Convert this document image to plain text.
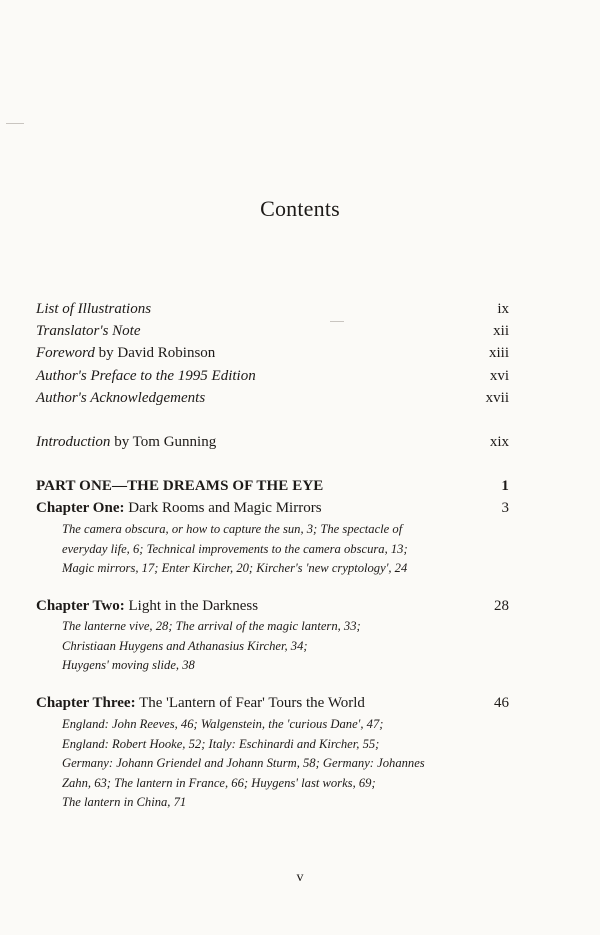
Contents
List of Illustrations	ix
Translator's Note	xii
Foreword by David Robinson	xiii
Author's Preface to the 1995 Edition	xvi
Author's Acknowledgements	xvii
Introduction by Tom Gunning	xix
PART ONE—THE DREAMS OF THE EYE	1
Chapter One: Dark Rooms and Magic Mirrors	3
The camera obscura, or how to capture the sun, 3; The spectacle of
everyday life, 6; Technical improvements to the camera obscura, 13;
Magic mirrors, 17; Enter Kircher, 20; Kircher's 'new cryptology', 24
Chapter Two: Light in the Darkness	28
The lanterne vive, 28; The arrival of the magic lantern, 33;
Christiaan Huygens and Athanasius Kircher, 34;
Huygens' moving slide, 38
Chapter Three: The 'Lantern of Fear' Tours the World	46
England: John Reeves, 46; Walgenstein, the 'curious Dane', 47;
England: Robert Hooke, 52; Italy: Eschinardi and Kircher, 55;
Germany: Johann Griendel and Johann Sturm, 58; Germany: Johannes
Zahn, 63; The lantern in France, 66; Huygens' last works, 69;
The lantern in China, 71
v
